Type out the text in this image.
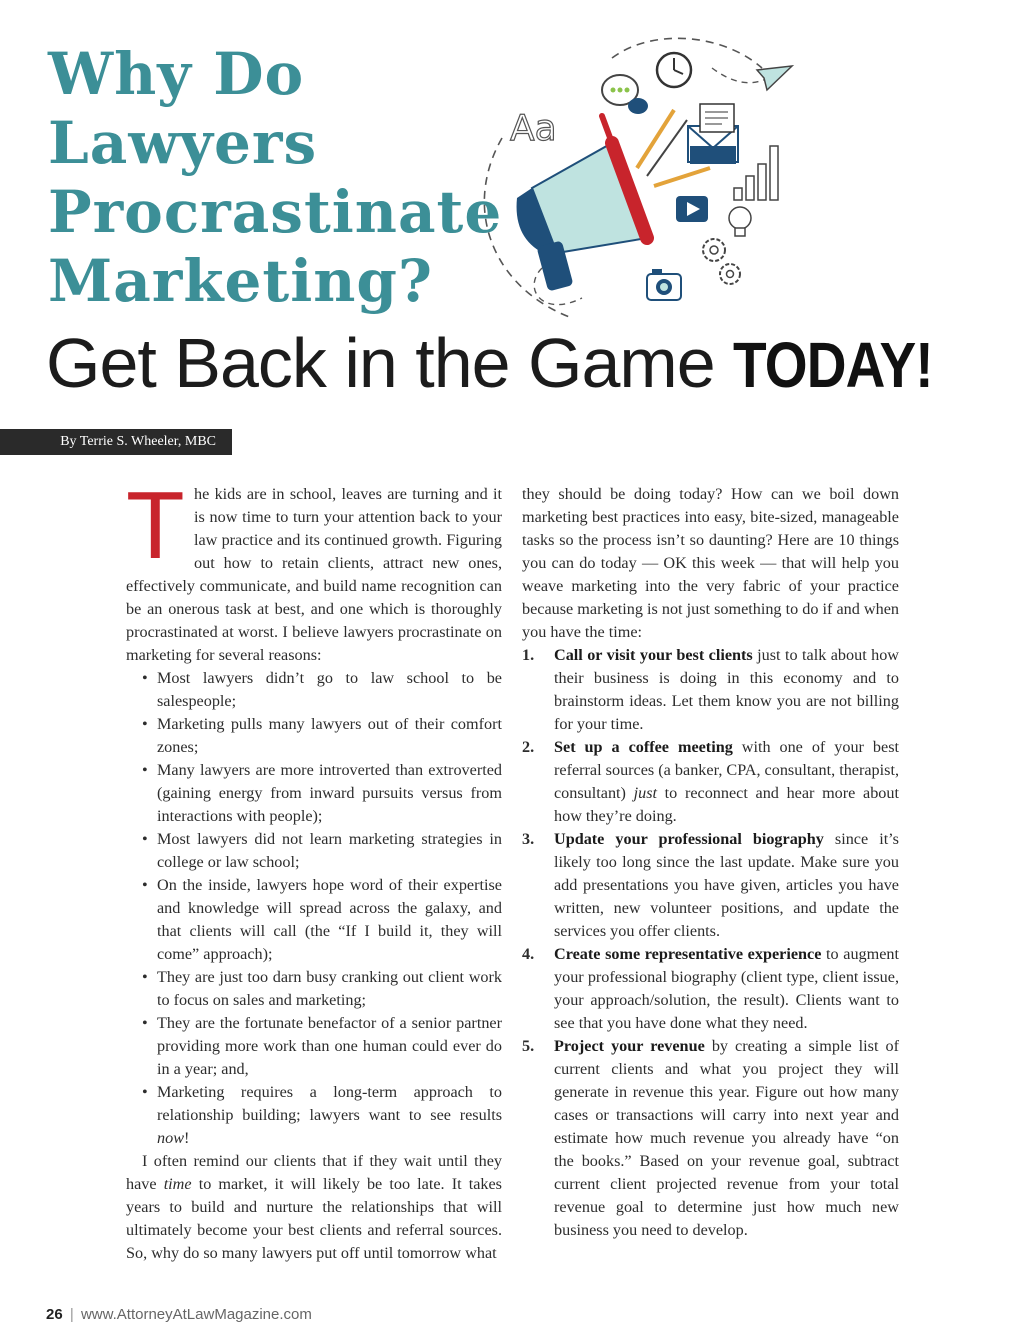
Why Do
Lawyers
Procrastinate
Marketing?
Aa
Get Back in the Game TODAY!
By Terrie S. Wheeler, MBC

The kids are in school, leaves are turning and it is now time to turn your attention back to your law practice and its continued growth. Figuring out how to retain clients, attract new ones, effectively communicate, and build name recognition can be an onerous task at best, and one which is thoroughly procrastinated at worst. I believe lawyers procrastinate on marketing for several reasons:

• Most lawyers didn’t go to law school to be salespeople;
• Marketing pulls many lawyers out of their comfort zones;
• Many lawyers are more introverted than extroverted (gaining energy from inward pursuits versus from interactions with people);
• Most lawyers did not learn marketing strategies in college or law school;
• On the inside, lawyers hope word of their expertise and knowledge will spread across the galaxy, and that clients will call (the “If I build it, they will come” approach);
• They are just too darn busy cranking out client work to focus on sales and marketing;
• They are the fortunate benefactor of a senior partner providing more work than one human could ever do in a year; and,
• Marketing requires a long-term approach to relationship building; lawyers want to see results now!

I often remind our clients that if they wait until they have time to market, it will likely be too late. It takes years to build and nurture the relationships that will ultimately become your best clients and referral sources. So, why do so many lawyers put off until tomorrow what

26 | www.AttorneyAtLawMagazine.com

they should be doing today? How can we boil down marketing best practices into easy, bite-sized, manageable tasks so the process isn’t so daunting? Here are 10 things you can do today — OK this week — that will help you weave marketing into the very fabric of your practice because marketing is not just something to do if and when you have the time:

1. Call or visit your best clients just to talk about how their business is doing in this economy and to brainstorm ideas. Let them know you are not billing for your time.
2. Set up a coffee meeting with one of your best referral sources (a banker, CPA, consultant, therapist, consultant) just to reconnect and hear more about how they’re doing.
3. Update your professional biography since it’s likely too long since the last update. Make sure you add presentations you have given, articles you have written, new volunteer positions, and update the services you offer clients.
4. Create some representative experience to augment your professional biography (client type, client issue, your approach/solution, the result). Clients want to see that you have done what they need.
5. Project your revenue by creating a simple list of current clients and what you project they will generate in revenue this year. Figure out how many cases or transactions will carry into next year and estimate how much revenue you already have “on the books.” Based on your revenue goal, subtract current client projected revenue from your total revenue goal to determine just how much new business you need to develop.
